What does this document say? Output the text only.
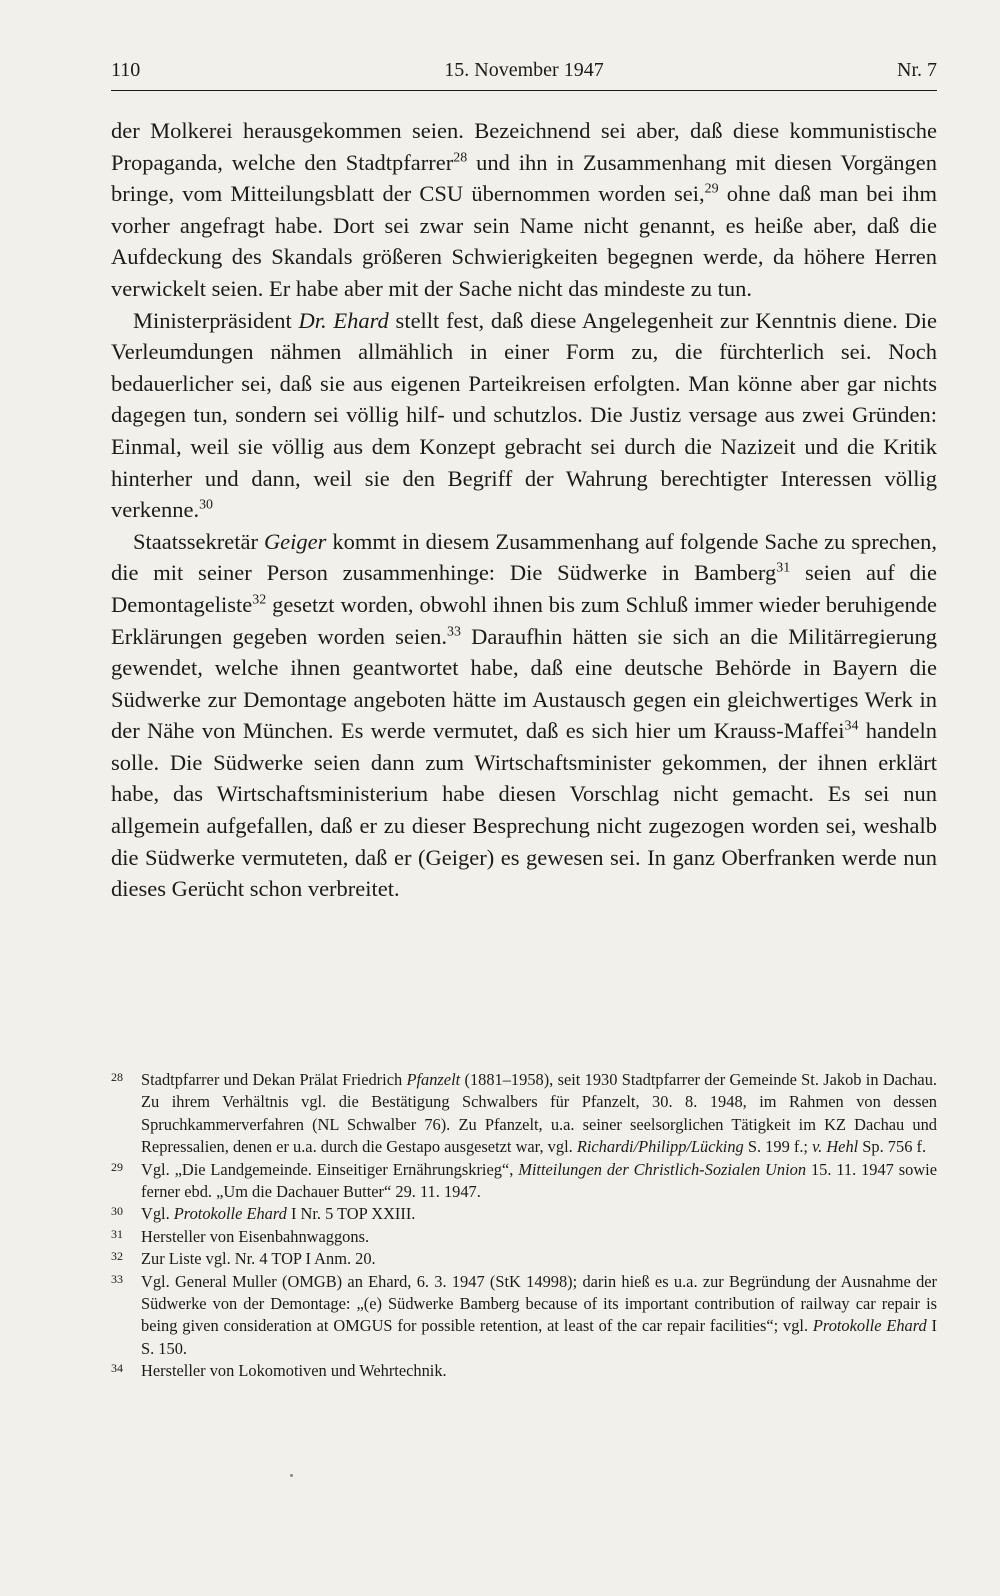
110	15. November 1947	Nr. 7

der Molkerei herausgekommen seien. Bezeichnend sei aber, daß diese kommunistische Propaganda, welche den Stadtpfarrer$^{28}$ und ihn in Zusammenhang mit diesen Vorgängen bringe, vom Mitteilungsblatt der CSU übernommen worden sei,$^{29}$ ohne daß man bei ihm vorher angefragt habe. Dort sei zwar sein Name nicht genannt, es heiße aber, daß die Aufdeckung des Skandals größeren Schwierigkeiten begegnen werde, da höhere Herren verwickelt seien. Er habe aber mit der Sache nicht das mindeste zu tun.

Ministerpräsident Dr. Ehard stellt fest, daß diese Angelegenheit zur Kenntnis diene. Die Verleumdungen nähmen allmählich in einer Form zu, die fürchterlich sei. Noch bedauerlicher sei, daß sie aus eigenen Parteikreisen erfolgten. Man könne aber gar nichts dagegen tun, sondern sei völlig hilf- und schutzlos. Die Justiz versage aus zwei Gründen: Einmal, weil sie völlig aus dem Konzept gebracht sei durch die Nazizeit und die Kritik hinterher und dann, weil sie den Begriff der Wahrung berechtigter Interessen völlig verkenne.$^{30}$

Staatssekretär Geiger kommt in diesem Zusammenhang auf folgende Sache zu sprechen, die mit seiner Person zusammenhinge: Die Südwerke in Bamberg$^{31}$ seien auf die Demontageliste$^{32}$ gesetzt worden, obwohl ihnen bis zum Schluß immer wieder beruhigende Erklärungen gegeben worden seien.$^{33}$ Daraufhin hätten sie sich an die Militärregierung gewendet, welche ihnen geantwortet habe, daß eine deutsche Behörde in Bayern die Südwerke zur Demontage angeboten hätte im Austausch gegen ein gleichwertiges Werk in der Nähe von München. Es werde vermutet, daß es sich hier um Krauss-Maffei$^{34}$ handeln solle. Die Südwerke seien dann zum Wirtschaftsminister gekommen, der ihnen erklärt habe, das Wirtschaftsministerium habe diesen Vorschlag nicht gemacht. Es sei nun allgemein aufgefallen, daß er zu dieser Besprechung nicht zugezogen worden sei, weshalb die Südwerke vermuteten, daß er (Geiger) es gewesen sei. In ganz Oberfranken werde nun dieses Gerücht schon verbreitet.

28 Stadtpfarrer und Dekan Prälat Friedrich Pfanzelt (1881–1958), seit 1930 Stadtpfarrer der Gemeinde St. Jakob in Dachau. Zu ihrem Verhältnis vgl. die Bestätigung Schwalbers für Pfanzelt, 30. 8. 1948, im Rahmen von dessen Spruchkammerverfahren (NL Schwalber 76). Zu Pfanzelt, u.a. seiner seelsorglichen Tätigkeit im KZ Dachau und Repressalien, denen er u.a. durch die Gestapo ausgesetzt war, vgl. Richardi/Philipp/Lücking S. 199 f.; v. Hehl Sp. 756 f.
29 Vgl. „Die Landgemeinde. Einseitiger Ernährungskrieg“, Mitteilungen der Christlich-Sozialen Union 15. 11. 1947 sowie ferner ebd. „Um die Dachauer Butter“ 29. 11. 1947.
30 Vgl. Protokolle Ehard I Nr. 5 TOP XXIII.
31 Hersteller von Eisenbahnwaggons.
32 Zur Liste vgl. Nr. 4 TOP I Anm. 20.
33 Vgl. General Muller (OMGB) an Ehard, 6. 3. 1947 (StK 14998); darin hieß es u.a. zur Begründung der Ausnahme der Südwerke von der Demontage: „(e) Südwerke Bamberg because of its important contribution of railway car repair is being given consideration at OMGUS for possible retention, at least of the car repair facilities“; vgl. Protokolle Ehard I S. 150.
34 Hersteller von Lokomotiven und Wehrtechnik.
